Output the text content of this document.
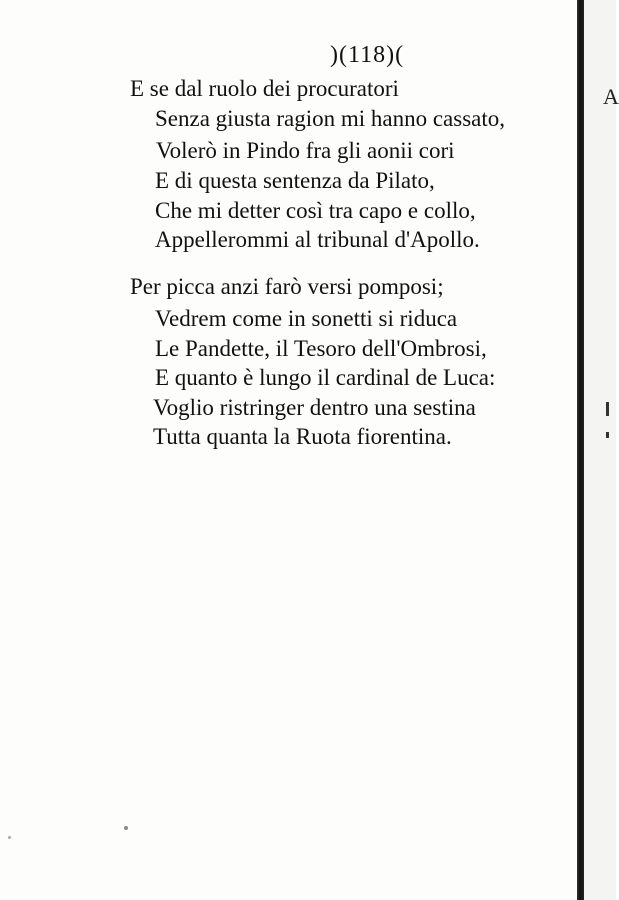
)(118)(
E se dal ruolo dei procuratori
Senza giusta ragion mi hanno cassato,
Volerò in Pindo fra gli aonii cori
E di questa sentenza da Pilato,
Che mi detter così tra capo e collo,
Appellerommi al tribunal d'Apollo.
Per picca anzi farò versi pomposi;
Vedrem come in sonetti si riduca
Le Pandette, il Tesoro dell'Ombrosi,
E quanto è lungo il cardinal de Luca:
Voglio ristringer dentro una sestina
Tutta quanta la Ruota fiorentina.
A
